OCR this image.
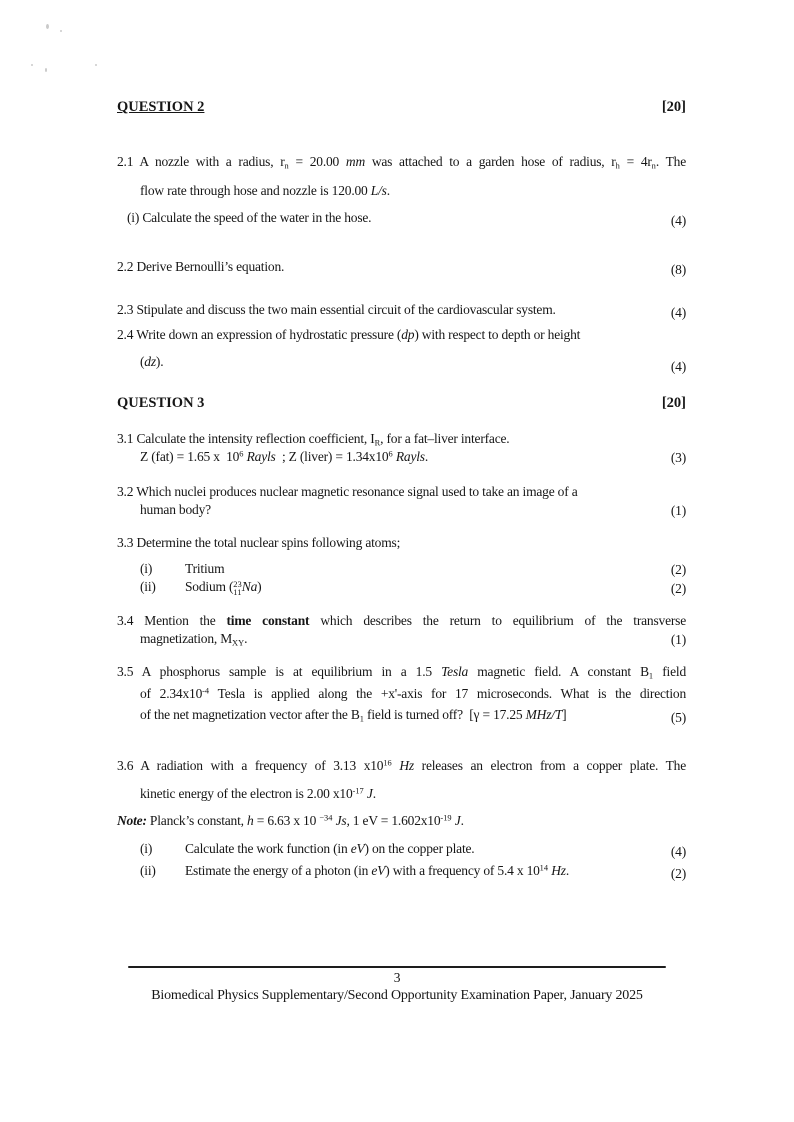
QUESTION 2	[20]
2.1 A nozzle with a radius, $r_n = 20.00$ mm was attached to a garden hose of radius, $r_h = 4r_n$. The
flow rate through hose and nozzle is 120.00 L/s.
(i) Calculate the speed of the water in the hose.	(4)
2.2 Derive Bernoulli’s equation.	(8)
2.3 Stipulate and discuss the two main essential circuit of the cardiovascular system.	(4)
2.4 Write down an expression of hydrostatic pressure (dp) with respect to depth or height
(dz).	(4)
QUESTION 3	[20]
3.1 Calculate the intensity reflection coefficient, $I_R$, for a fat–liver interface.
Z (fat) = 1.65 x  $10^6$ Rayls  ; Z (liver) = $1.34x10^6$ Rayls.	(3)
3.2 Which nuclei produces nuclear magnetic resonance signal used to take an image of a
human body?	(1)
3.3 Determine the total nuclear spins following atoms;
(i) Tritium	(2)
(ii) Sodium ( 23
11 Na)	(2)
3.4 Mention the time constant which describes the return to equilibrium of the transverse
magnetization, $M_{XY}$.	(1)
3.5 A phosphorus sample is at equilibrium in a 1.5 Tesla magnetic field. A constant $B_1$ field
of $2.34x10^{-4}$ Tesla is applied along the +x'-axis for 17 microseconds. What is the direction
of the net magnetization vector after the $B_1$ field is turned off?  [γ = 17.25 MHz/T]	(5)
3.6 A radiation with a frequency of 3.13 $x10^{16}$ Hz releases an electron from a copper plate. The
kinetic energy of the electron is 2.00 $x10^{-17}$ J.
Note: Planck’s constant, h = 6.63 x 10 $^{-34}$ Js, 1 eV = $1.602x10^{-19}$ J.
(i) Calculate the work function (in eV) on the copper plate.	(4)
(ii) Estimate the energy of a photon (in eV) with a frequency of 5.4 x $10^{14}$ Hz.	(2)
3
Biomedical Physics Supplementary/Second Opportunity Examination Paper, January 2025
